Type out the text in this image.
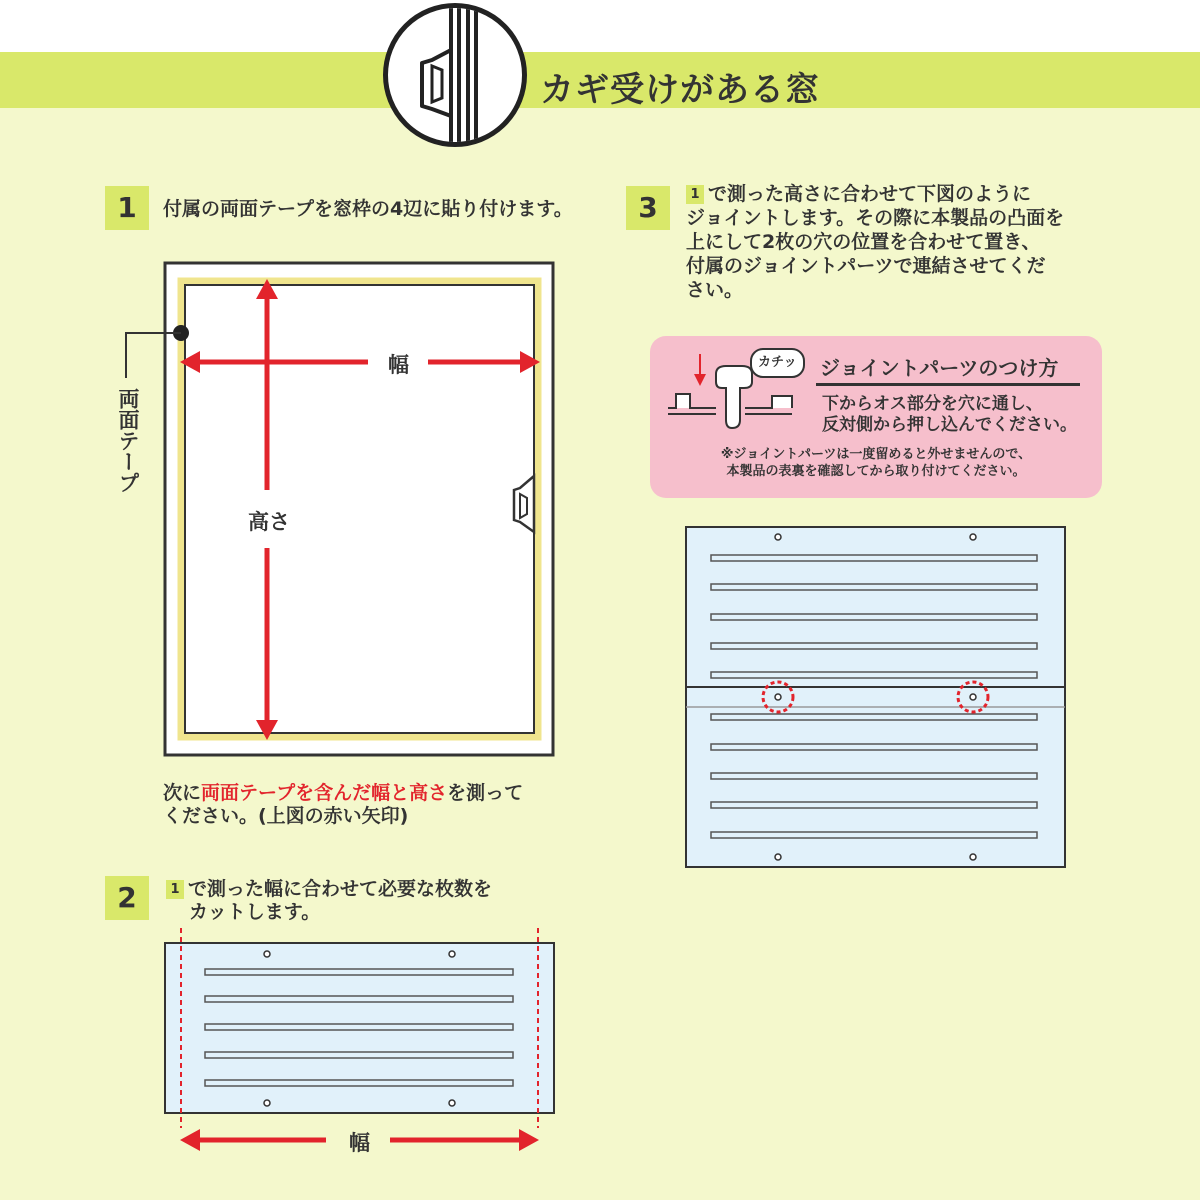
カギ受けがある窓
1	付属の両面テープを窓枠の4辺に貼り付けます。
両面テープ
幅
高さ
次に両面テープを含んだ幅と高さを測って
ください。(上図の赤い矢印)
2	1 で測った幅に合わせて必要な枚数を
カットします。
幅
3	1 で測った高さに合わせて下図のように
ジョイントします。その際に本製品の凸面を
上にして2枚の穴の位置を合わせて置き、
付属のジョイントパーツで連結させてくだ
さい。
カチッ	ジョイントパーツのつけ方
下からオス部分を穴に通し、
反対側から押し込んでください。
※ジョイントパーツは一度留めると外せませんので、
本製品の表裏を確認してから取り付けてください。
